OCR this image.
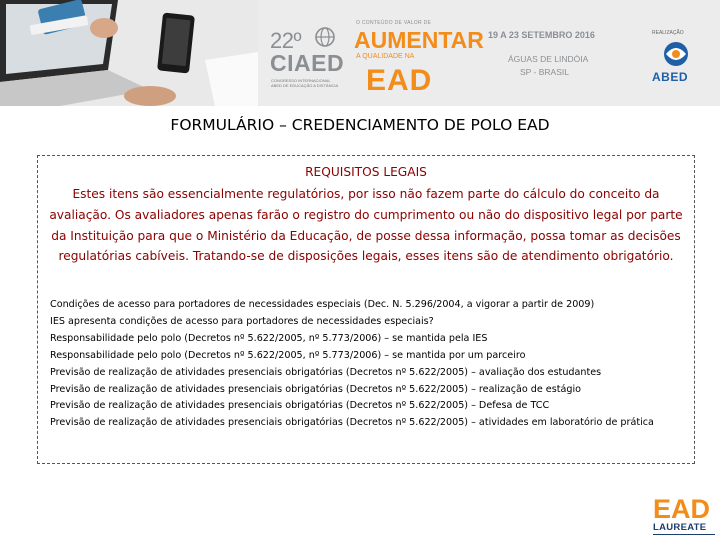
22º
CIAED
CONGRESSO INTERNACIONAL ABED DE EDUCAÇÃO A DISTÂNCIA
O CONTEÚDO DE VALOR DE
AUMENTAR
A QUALIDADE NA
EAD
19 A 23 SETEMBRO 2016
ÁGUAS DE LINDÓIA
SP - BRASIL
REALIZAÇÃO
ABED
FORMULÁRIO – CREDENCIAMENTO DE POLO EAD
REQUISITOS LEGAIS
Estes itens são essencialmente regulatórios, por isso não fazem parte do cálculo do conceito da avaliação. Os avaliadores apenas farão o registro do cumprimento ou não do dispositivo legal por parte da Instituição para que o Ministério da Educação, de posse dessa informação, possa tomar as decisões regulatórias cabíveis. Tratando-se de disposições legais, esses itens são de atendimento obrigatório.
Condições de acesso para portadores de necessidades especiais (Dec. N. 5.296/2004, a vigorar a partir de 2009)
IES apresenta condições de acesso para portadores de necessidades especiais?
Responsabilidade pelo polo (Decretos nº 5.622/2005, nº 5.773/2006) – se mantida pela IES
Responsabilidade pelo polo (Decretos nº 5.622/2005, nº 5.773/2006) – se mantida por um parceiro
Previsão de realização de atividades presenciais obrigatórias (Decretos nº 5.622/2005) – avaliação dos estudantes
Previsão de realização de atividades presenciais obrigatórias (Decretos nº 5.622/2005) – realização de estágio
Previsão de realização de atividades presenciais obrigatórias (Decretos nº 5.622/2005) – Defesa de TCC
Previsão de realização de atividades presenciais obrigatórias (Decretos nº 5.622/2005) – atividades em laboratório de prática
EAD
LAUREATE
